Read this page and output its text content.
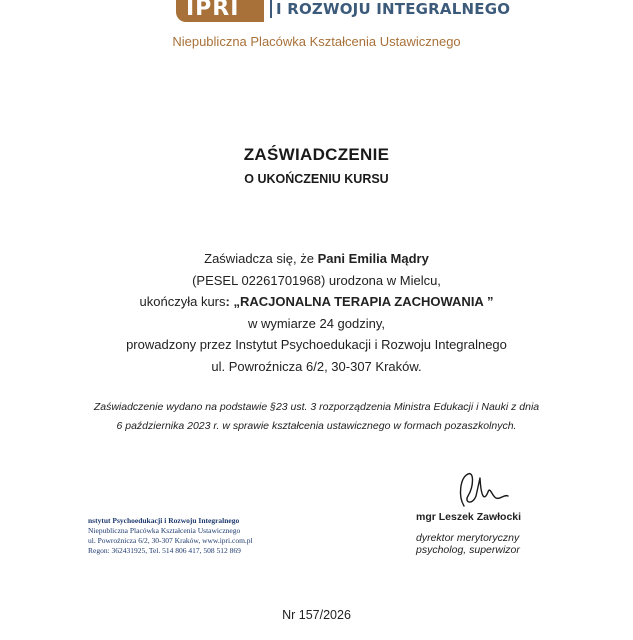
IPRI I ROZWOJU INTEGRALNEGO
Niepubliczna Placówka Kształcenia Ustawicznego
ZAŚWIADCZENIE
O UKOŃCZENIU KURSU
Zaświadcza się, że Pani Emilia Mądry
(PESEL 02261701968) urodzona w Mielcu,
ukończyła kurs: „RACJONALNA TERAPIA ZACHOWANIA ”
w wymiarze 24 godziny,
prowadzony przez Instytut Psychoedukacji i Rozwoju Integralnego
ul. Powroźnicza 6/2, 30-307 Kraków.
Zaświadczenie wydano na podstawie §23 ust. 3 rozporządzenia Ministra Edukacji i Nauki z dnia
6 października 2023 r. w sprawie kształcenia ustawicznego w formach pozaszkolnych.
mgr Leszek Zawłocki
dyrektor merytoryczny
psycholog, superwizor
nstytut Psychoedukacji i Rozwoju Integralnego
Niepubliczna Placówka Kształcenia Ustawicznego
ul. Powroźnicza 6/2, 30-307 Kraków, www.ipri.com.pl
Regon: 362431925, Tel. 514 806 417, 508 512 869
Nr 157/2026
